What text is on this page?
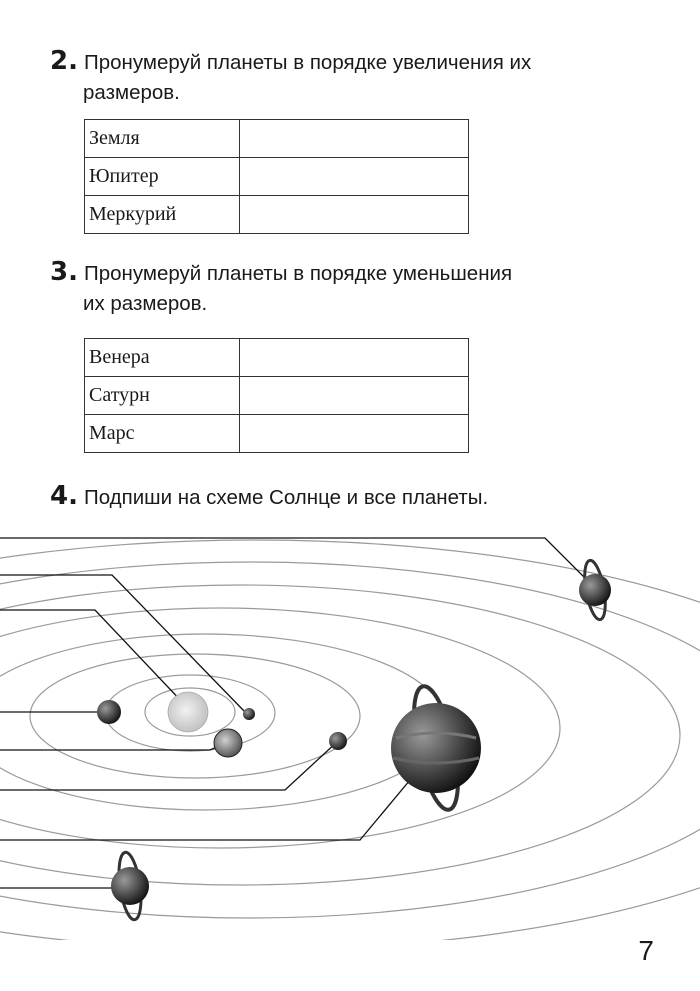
2. Пронумеруй планеты в порядке увеличения их
размеров.
Земля	
Юпитер	
Меркурий	
3. Пронумеруй планеты в порядке уменьшения
их размеров.
Венера	
Сатурн	
Марс	
4. Подпиши на схеме Солнце и все планеты.
7
